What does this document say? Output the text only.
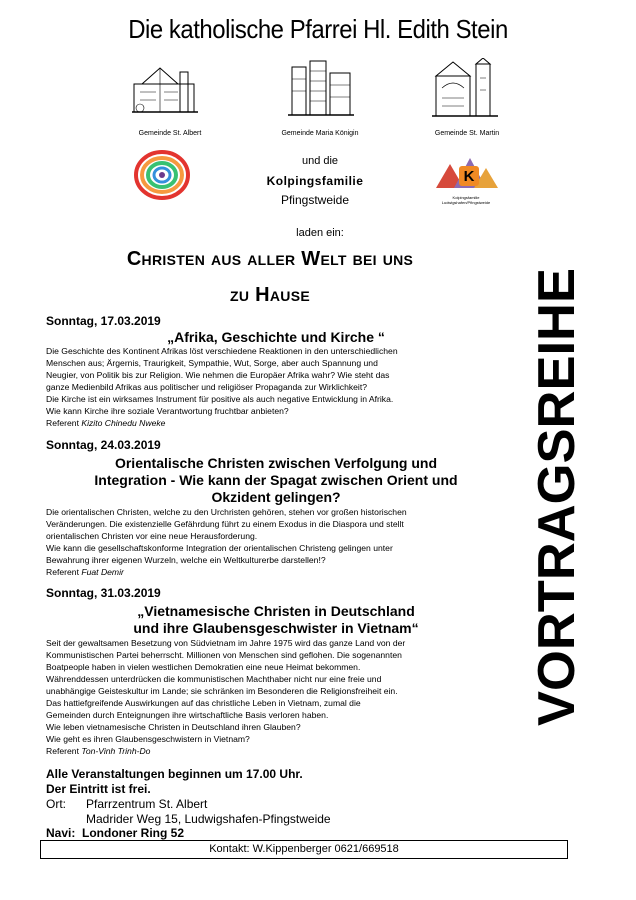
Die katholische Pfarrei Hl. Edith Stein
Gemeinde St. Albert	Gemeinde Maria Königin	Gemeinde St. Martin
und die
Kolpingsfamilie
Pfingstweide
K
Kolpingsfamilie Ludwigshafen/Pfingstweide
laden ein:
Christen aus aller Welt bei uns
zu Hause	VORTRAGSREIHE
Sonntag, 17.03.2019
„Afrika, Geschichte und Kirche “

Die Geschichte des Kontinent Afrikas löst verschiedene Reaktionen in den unterschiedlichen

Menschen aus; Ärgernis, Traurigkeit, Sympathie, Wut, Sorge, aber auch Spannung und

Neugier, von Politik bis zur Religion. Wie nehmen die Europäer Afrika wahr? Wie steht das

ganze Medienbild Afrikas aus politischer und religiöser Propaganda zur Wirklichkeit?

Die Kirche ist ein wirksames Instrument für positive als auch negative Entwicklung in Afrika.

Wie kann Kirche ihre soziale Verantwortung fruchtbar anbieten?

Referent Kizito Chinedu Nweke

Sonntag, 24.03.2019
Orientalische Christen zwischen Verfolgung und
Integration - Wie kann der Spagat zwischen Orient und
Okzident gelingen?

Die orientalischen Christen, welche zu den Urchristen gehören, stehen vor großen historischen

Veränderungen. Die existenzielle Gefährdung führt zu einem Exodus in die Diaspora und stellt

orientalischen Christen vor eine neue Herausforderung.

Wie kann die gesellschaftskonforme Integration der orientalischen Christeng gelingen unter

Bewahrung ihrer eigenen Wurzeln, welche ein Weltkulturerbe darstellen!?

Referent Fuat Demir

Sonntag, 31.03.2019
„Vietnamesische Christen in Deutschland
und ihre Glaubensgeschwister in Vietnam“

Seit der gewaltsamen Besetzung von Südvietnam im Jahre 1975 wird das ganze Land von der

Kommunistischen Partei beherrscht. Millionen von Menschen sind geflohen. Die sogenannten

Boatpeople haben in vielen westlichen Demokratien eine neue Heimat bekommen.

Währenddessen unterdrücken die kommunistischen Machthaber nicht nur eine freie und

unabhängige Geisteskultur im Lande; sie schränken im Besonderen die Religionsfreiheit ein.

Das hattiefgreifende Auswirkungen auf das christliche Leben in Vietnam, zumal die

Gemeinden durch Enteignungen ihre wirtschaftliche Basis verloren haben.

Wie leben vietnamesische Christen in Deutschland ihren Glauben?

Wie geht es ihren Glaubensgeschwistern in Vietnam?

Referent Ton-Vinh Trinh-Do

Alle Veranstaltungen beginnen um 17.00 Uhr.
Der Eintritt ist frei.
Ort: Pfarrzentrum St. Albert
Madrider Weg 15, Ludwigshafen-Pfingstweide
Navi:  Londoner Ring 52
Kontakt: W.Kippenberger 0621/669518
